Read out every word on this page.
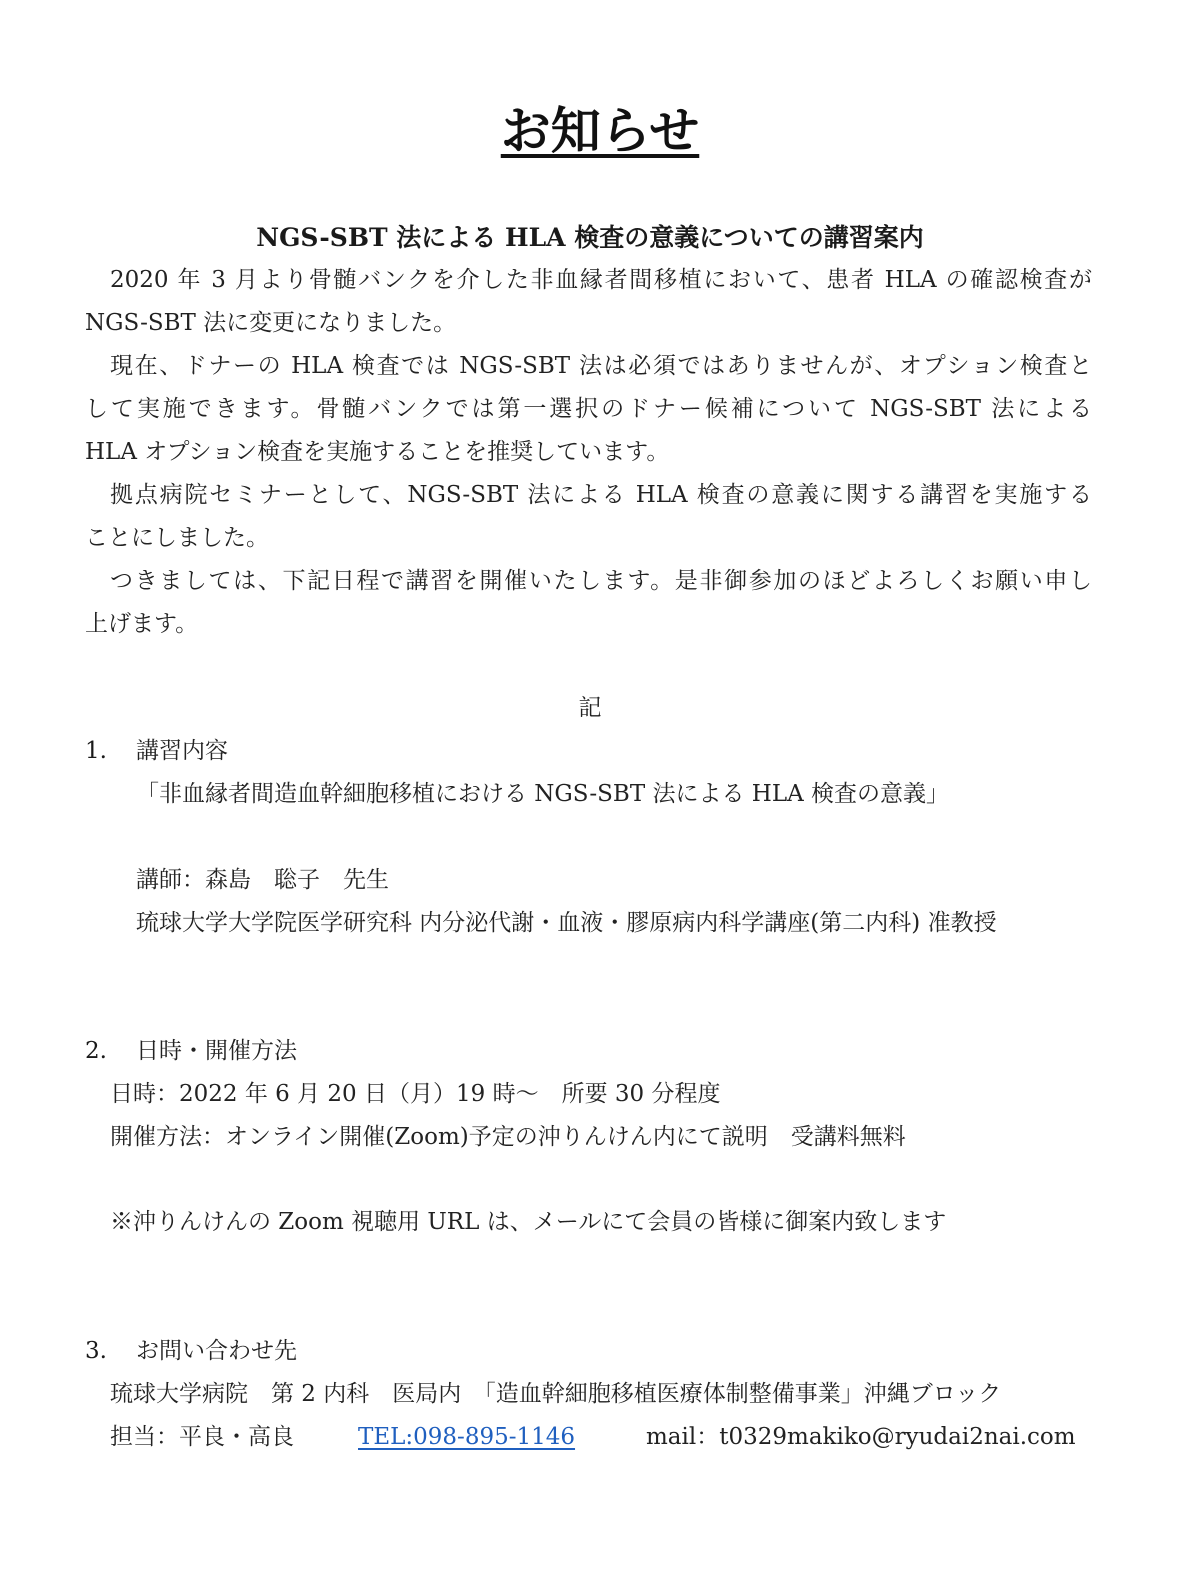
お知らせ
NGS-SBT 法による HLA 検査の意義についての講習案内
2020 年 3 月より骨髄バンクを介した非血縁者間移植において、患者 HLA の確認検査が
NGS-SBT 法に変更になりました。
現在、ドナーの HLA 検査では NGS-SBT 法は必須ではありませんが、オプション検査と
して実施できます。骨髄バンクでは第一選択のドナー候補について NGS-SBT 法による
HLA オプション検査を実施することを推奨しています。
拠点病院セミナーとして、NGS-SBT 法による HLA 検査の意義に関する講習を実施する
ことにしました。
つきましては、下記日程で講習を開催いたします。是非御参加のほどよろしくお願い申し
上げます。
記
1. 講習内容
「非血縁者間造血幹細胞移植における NGS-SBT 法による HLA 検査の意義」
講師：森島　聡子　先生
琉球大学大学院医学研究科 内分泌代謝・血液・膠原病内科学講座(第二内科) 准教授
2. 日時・開催方法
日時：2022 年 6 月 20 日（月）19 時～　所要 30 分程度
開催方法：オンライン開催(Zoom)予定の沖りんけん内にて説明　受講料無料
※沖りんけんの Zoom 視聴用 URL は、メールにて会員の皆様に御案内致します
3. お問い合わせ先
琉球大学病院　第 2 内科　医局内　「造血幹細胞移植医療体制整備事業」沖縄ブロック
担当：平良・高良	TEL:098-895-1146	mail：t0329makiko@ryudai2nai.com
